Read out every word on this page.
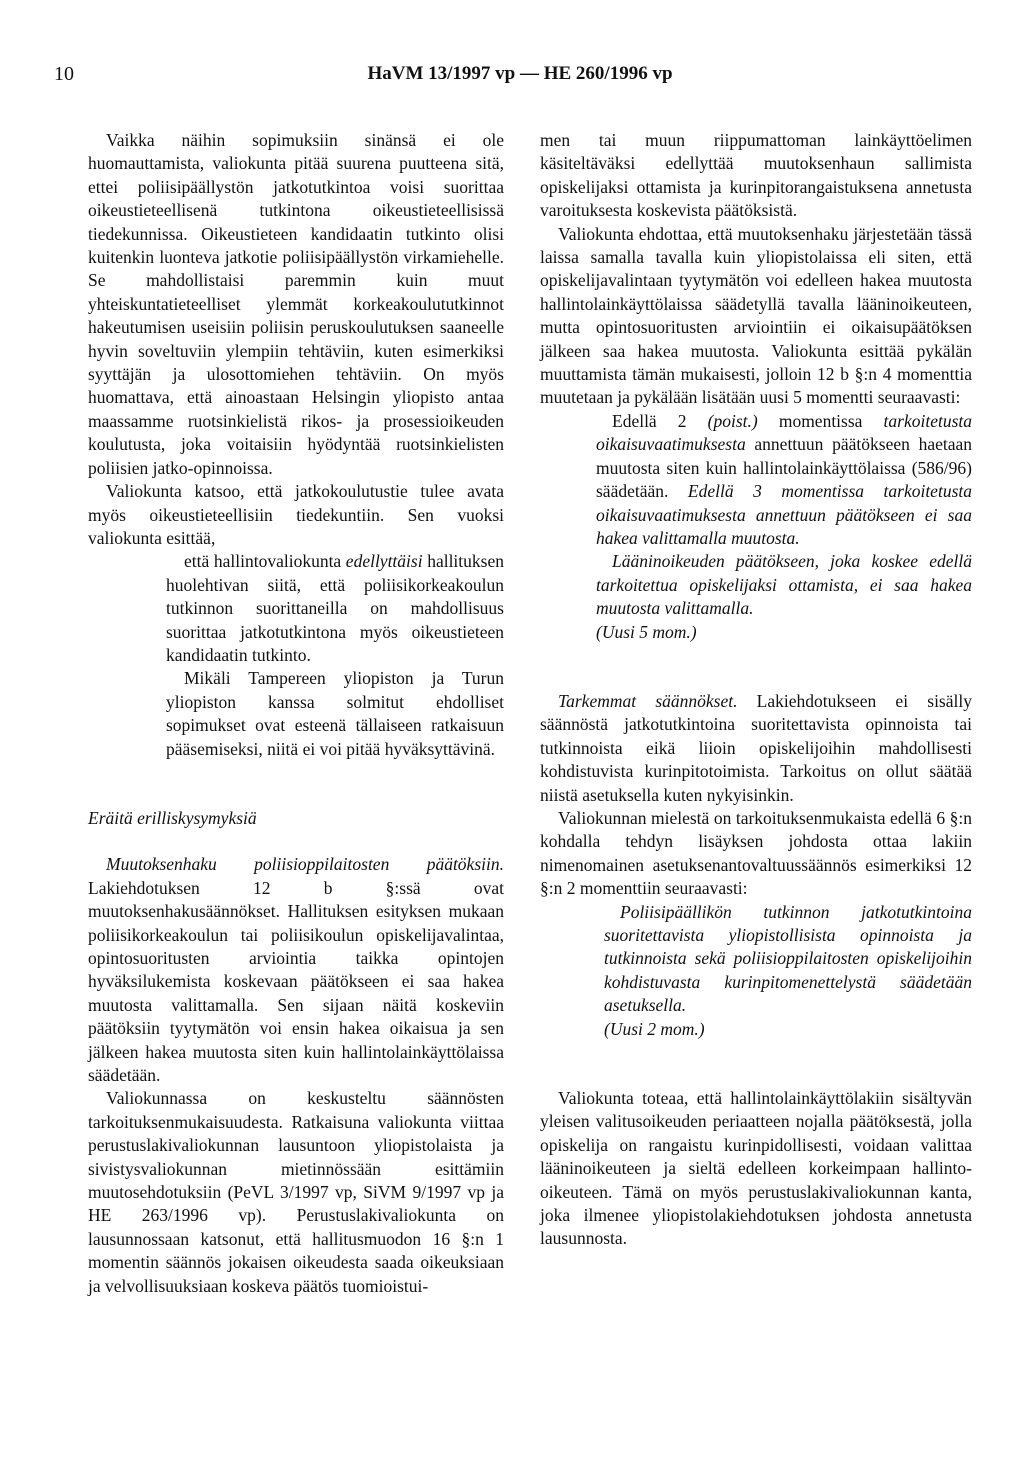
10	HaVM 13/1997 vp — HE 260/1996 vp

Vaikka näihin sopimuksiin sinänsä ei ole huomauttamista, valiokunta pitää suurena puutteena sitä, ettei poliisipäällystön jatkotutkintoa voisi suorittaa oikeustieteellisenä tutkintona oikeustieteellisissä tiedekunnissa. Oikeustieteen kandidaatin tutkinto olisi kuitenkin luonteva jatkotie poliisipäällystön virkamiehelle. Se mahdollistaisi paremmin kuin muut yhteiskuntatieteelliset ylemmät korkeakoulututkinnot hakeutumisen useisiin poliisin peruskoulutuksen saaneelle hyvin soveltuviin ylempiin tehtäviin, kuten esimerkiksi syyttäjän ja ulosottomiehen tehtäviin. On myös huomattava, että ainoastaan Helsingin yliopisto antaa maassamme ruotsinkielistä rikos- ja prosessioikeuden koulutusta, joka voitaisiin hyödyntää ruotsinkielisten poliisien jatko-opinnoissa.

Valiokunta katsoo, että jatkokoulutustie tulee avata myös oikeustieteellisiin tiedekuntiin. Sen vuoksi valiokunta esittää,

että hallintovaliokunta edellyttäisi hallituksen huolehtivan siitä, että poliisikorkeakoulun tutkinnon suorittaneilla on mahdollisuus suorittaa jatkotutkintona myös oikeustieteen kandidaatin tutkinto.

Mikäli Tampereen yliopiston ja Turun yliopiston kanssa solmitut ehdolliset sopimukset ovat esteenä tällaiseen ratkaisuun pääsemiseksi, niitä ei voi pitää hyväksyttävinä.

Eräitä erilliskysymyksiä

Muutoksenhaku poliisioppilaitosten päätöksiin. Lakiehdotuksen 12 b §:ssä ovat muutoksenhakusäännökset. Hallituksen esityksen mukaan poliisikorkeakoulun tai poliisikoulun opiskelijavalintaa, opintosuoritusten arviointia taikka opintojen hyväksilukemista koskevaan päätökseen ei saa hakea muutosta valittamalla. Sen sijaan näitä koskeviin päätöksiin tyytymätön voi ensin hakea oikaisua ja sen jälkeen hakea muutosta siten kuin hallintolainkäyttölaissa säädetään.

Valiokunnassa on keskusteltu säännösten tarkoituksenmukaisuudesta. Ratkaisuna valiokunta viittaa perustuslakivaliokunnan lausuntoon yliopistolaista ja sivistysvaliokunnan mietinnössään esittämiin muutosehdotuksiin (PeVL 3/1997 vp, SiVM 9/1997 vp ja HE 263/1996 vp). Perustuslakivaliokunta on lausunnossaan katsonut, että hallitusmuodon 16 §:n 1 momentin säännös jokaisen oikeudesta saada oikeuksiaan ja velvollisuuksiaan koskeva päätös tuomioistui-

men tai muun riippumattoman lainkäyttöelimen käsiteltäväksi edellyttää muutoksenhaun sallimista opiskelijaksi ottamista ja kurinpitorangaistuksena annetusta varoituksesta koskevista päätöksistä.

Valiokunta ehdottaa, että muutoksenhaku järjestetään tässä laissa samalla tavalla kuin yliopistolaissa eli siten, että opiskelijavalintaan tyytymätön voi edelleen hakea muutosta hallintolainkäyttölaissa säädetyllä tavalla lääninoikeuteen, mutta opintosuoritusten arviointiin ei oikaisupäätöksen jälkeen saa hakea muutosta. Valiokunta esittää pykälän muuttamista tämän mukaisesti, jolloin 12 b §:n 4 momenttia muutetaan ja pykälään lisätään uusi 5 momentti seuraavasti:

Edellä 2 (poist.) momentissa tarkoitetusta oikaisuvaatimuksesta annettuun päätökseen haetaan muutosta siten kuin hallintolainkäyttölaissa (586/96) säädetään. Edellä 3 momentissa tarkoitetusta oikaisuvaatimuksesta annettuun päätökseen ei saa hakea valittamalla muutosta.

Lääninoikeuden päätökseen, joka koskee edellä tarkoitettua opiskelijaksi ottamista, ei saa hakea muutosta valittamalla.

(Uusi 5 mom.)

Tarkemmat säännökset. Lakiehdotukseen ei sisälly säännöstä jatkotutkintoina suoritettavista opinnoista tai tutkinnoista eikä liioin opiskelijoihin mahdollisesti kohdistuvista kurinpitotoimista. Tarkoitus on ollut säätää niistä asetuksella kuten nykyisinkin.

Valiokunnan mielestä on tarkoituksenmukaista edellä 6 §:n kohdalla tehdyn lisäyksen johdosta ottaa lakiin nimenomainen asetuksenantovaltuussäännös esimerkiksi 12 §:n 2 momenttiin seuraavasti:

Poliisipäällikön tutkinnon jatkotutkintoina suoritettavista yliopistollisista opinnoista ja tutkinnoista sekä poliisioppilaitosten opiskelijoihin kohdistuvasta kurinpitomenettelystä säädetään asetuksella.

(Uusi 2 mom.)

Valiokunta toteaa, että hallintolainkäyttölakiin sisältyvän yleisen valitusoikeuden periaatteen nojalla päätöksestä, jolla opiskelija on rangaistu kurinpidollisesti, voidaan valittaa lääninoikeuteen ja sieltä edelleen korkeimpaan hallinto-oikeuteen. Tämä on myös perustuslakivaliokunnan kanta, joka ilmenee yliopistolakiehdotuksen johdosta annetusta lausunnosta.
